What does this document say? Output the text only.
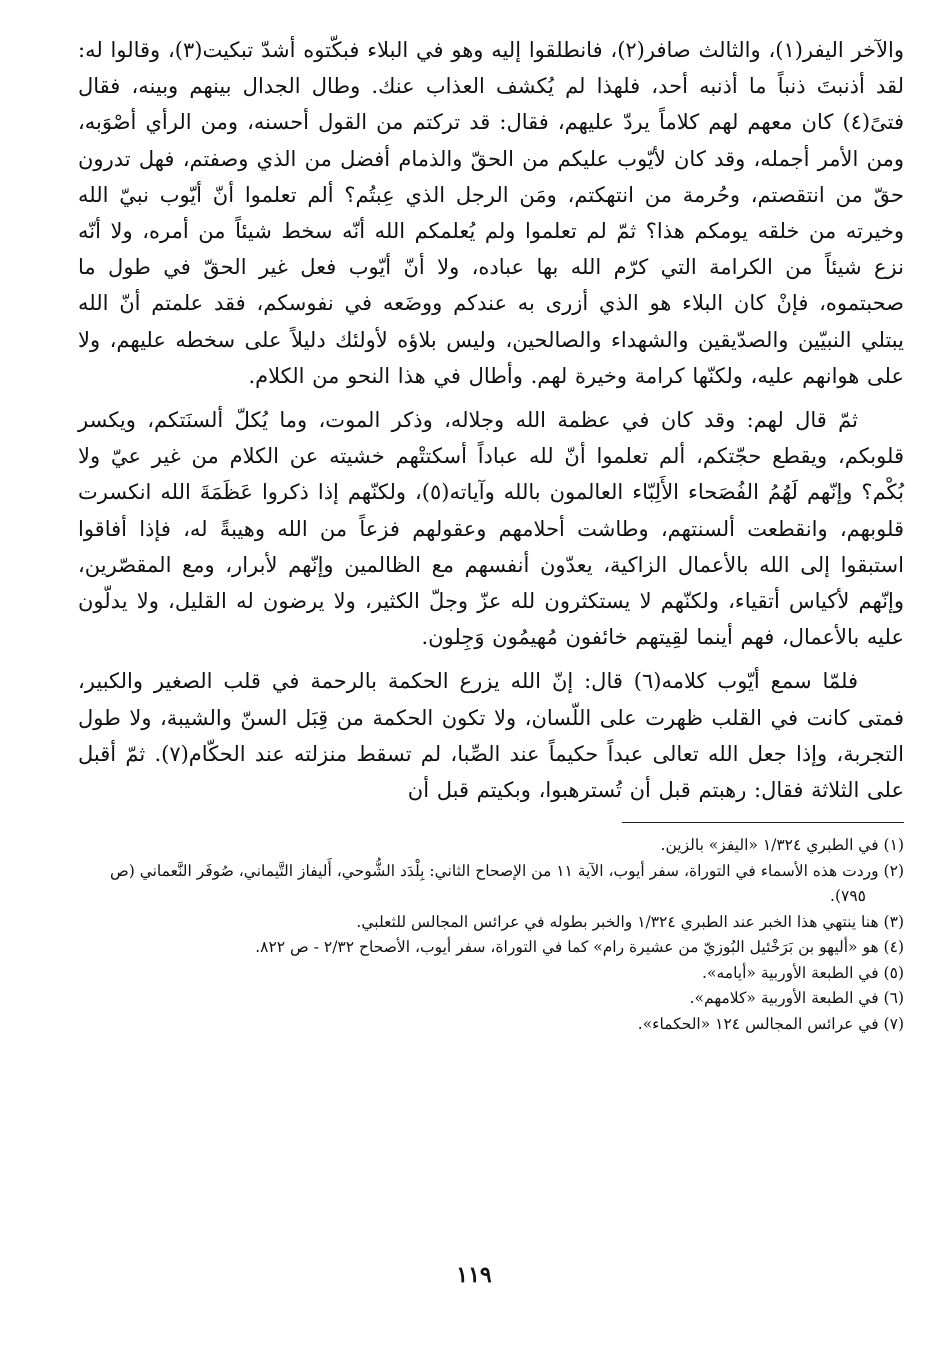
والآخر اليفر(١)، والثالث صافر(٢)، فانطلقوا إليه وهو في البلاء فبكّتوه أشدّ تبكيت(٣)، وقالوا له: لقد أذنبتَ ذنباً ما أذنبه أحد، فلهذا لم يُكشف العذاب عنك. وطال الجدال بينهم وبينه، فقال فتىً(٤) كان معهم لهم كلاماً يردّ عليهم، فقال: قد تركتم من القول أحسنه، ومن الرأي أصْوَبه، ومن الأمر أجمله، وقد كان لأيّوب عليكم من الحقّ والذمام أفضل من الذي وصفتم، فهل تدرون حقّ من انتقصتم، وحُرمة من انتهكتم، ومَن الرجل الذي عِبتُم؟ ألم تعلموا أنّ أيّوب نبيّ الله وخيرته من خلقه يومكم هذا؟ ثمّ لم تعلموا ولم يُعلمكم الله أنّه سخط شيئاً من أمره، ولا أنّه نزع شيئاً من الكرامة التي كرّم الله بها عباده، ولا أنّ أيّوب فعل غير الحقّ في طول ما صحبتموه، فإنْ كان البلاء هو الذي أزرى به عندكم ووضَعه في نفوسكم، فقد علمتم أنّ الله يبتلي النبيّين والصدّيقين والشهداء والصالحين، وليس بلاؤه لأولئك دليلاً على سخطه عليهم، ولا على هوانهم عليه، ولكنّها كرامة وخيرة لهم. وأطال في هذا النحو من الكلام.

ثمّ قال لهم: وقد كان في عظمة الله وجلاله، وذكر الموت، وما يُكلّ ألسنَتكم، ويكسر قلوبكم، ويقطع حجّتكم، ألم تعلموا أنّ لله عباداً أسكتتْهم خشيته عن الكلام من غير عيّ ولا بُكْم؟ وإنّهم لَهُمُ الفُصَحاء الأَلِبّاء العالمون بالله وآياته(٥)، ولكنّهم إذا ذكروا عَظَمَةَ الله انكسرت قلوبهم، وانقطعت ألسنتهم، وطاشت أحلامهم وعقولهم فزعاً من الله وهيبةً له، فإذا أفاقوا استبقوا إلى الله بالأعمال الزاكية، يعدّون أنفسهم مع الظالمين وإنّهم لأبرار، ومع المقصّرين، وإنّهم لأكياس أتقياء، ولكنّهم لا يستكثرون لله عزّ وجلّ الكثير، ولا يرضون له القليل، ولا يدلّون عليه بالأعمال، فهم أينما لقِيتهم خائفون مُهيمُون وَجِلون.

فلمّا سمع أيّوب كلامه(٦) قال: إنّ الله يزرع الحكمة بالرحمة في قلب الصغير والكبير، فمتى كانت في القلب ظهرت على اللّسان، ولا تكون الحكمة من قِبَل السنّ والشيبة، ولا طول التجربة، وإذا جعل الله تعالى عبداً حكيماً عند الصِّبا، لم تسقط منزلته عند الحكّام(٧). ثمّ أقبل على الثلاثة فقال: رهبتم قبل أن تُسترهبوا، وبكيتم قبل أن

(١) في الطبري ١/٣٢٤ «اليفز» بالزين.

(٢) وردت هذه الأسماء في التوراة، سفر أيوب، الآية ١١ من الإصحاح الثاني: بِلْدَد الشُّوحي، أَليفاز التَّيماني، صُوفَر النَّعماني (ص ٧٩٥).

(٣) هنا ينتهي هذا الخبر عند الطبري ١/٣٢٤ والخبر بطوله في عرائس المجالس للثعلبي.

(٤) هو «أليهو بن بَرَخْئيل البُوزيّ من عشيرة رام» كما في التوراة، سفر أيوب، الأصحاح ٢/٣٢ - ص ٨٢٢.

(٥) في الطبعة الأوربية «أيامه».

(٦) في الطبعة الأوربية «كلامهم».

(٧) في عرائس المجالس ١٢٤ «الحكماء».

١١٩
